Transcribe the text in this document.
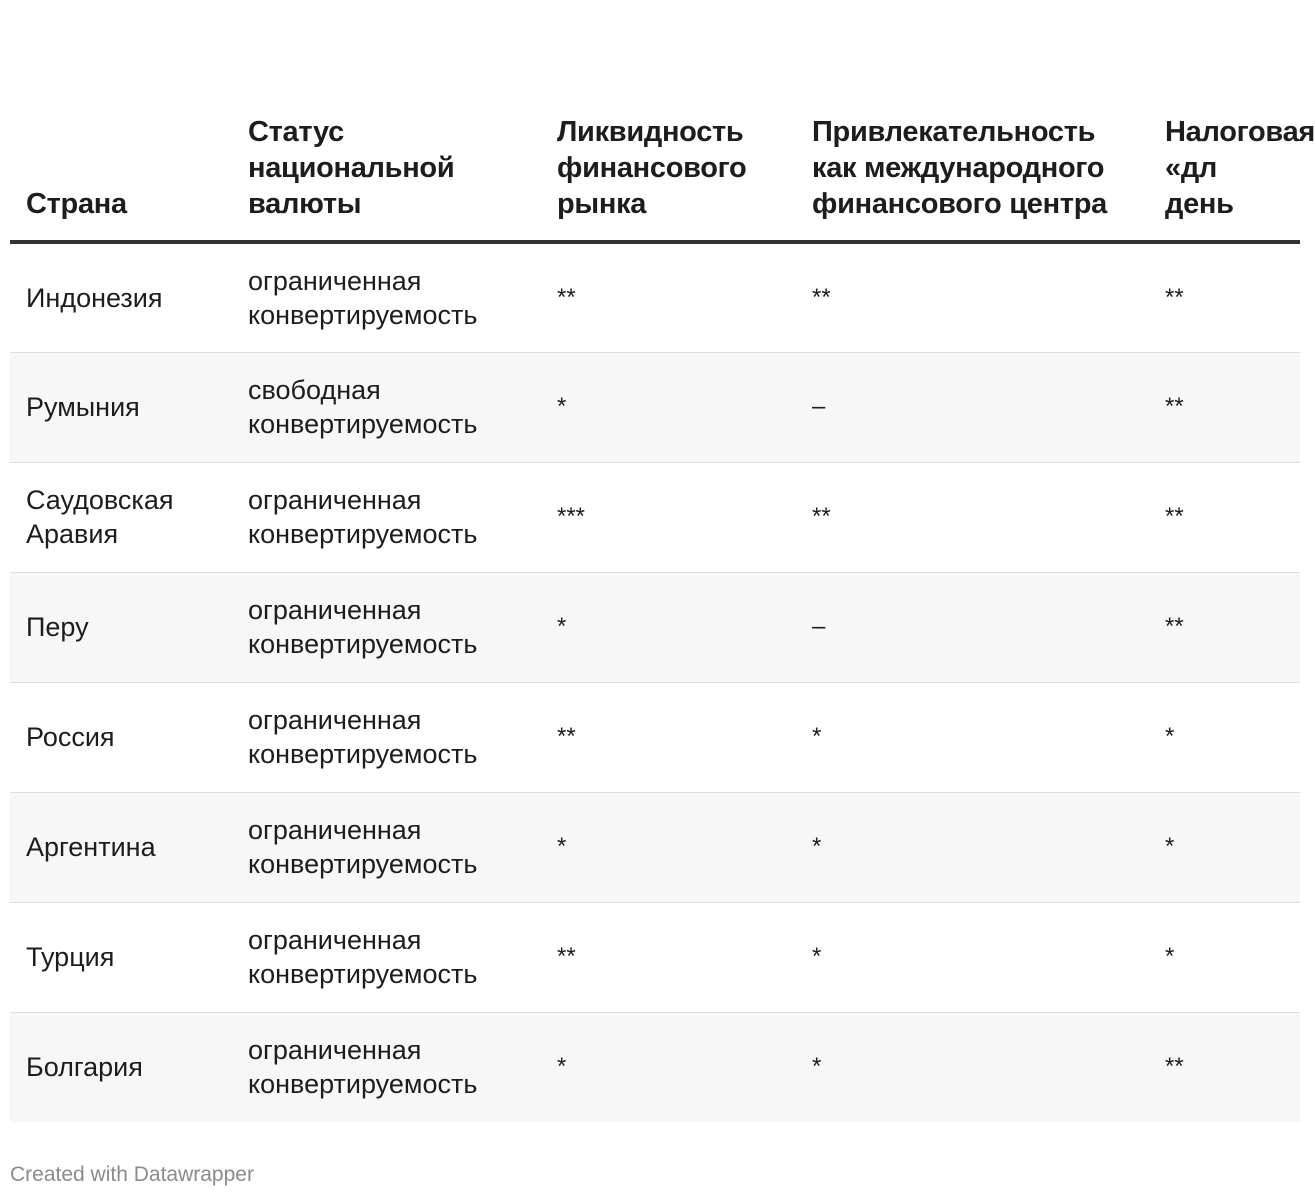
Страна	Статус национальной валюты	Ликвидность финансового рынка	Привлекательность как международного финансового центра	Налоговая «дл день
Индонезия	ограниченная конвертируемость	**	**	**
Румыния	свободная конвертируемость	*	–	**
Саудовская Аравия	ограниченная конвертируемость	***	**	**
Перу	ограниченная конвертируемость	*	–	**
Россия	ограниченная конвертируемость	**	*	*
Аргентина	ограниченная конвертируемость	*	*	*
Турция	ограниченная конвертируемость	**	*	*
Болгария	ограниченная конвертируемость	*	*	**
Created with Datawrapper
